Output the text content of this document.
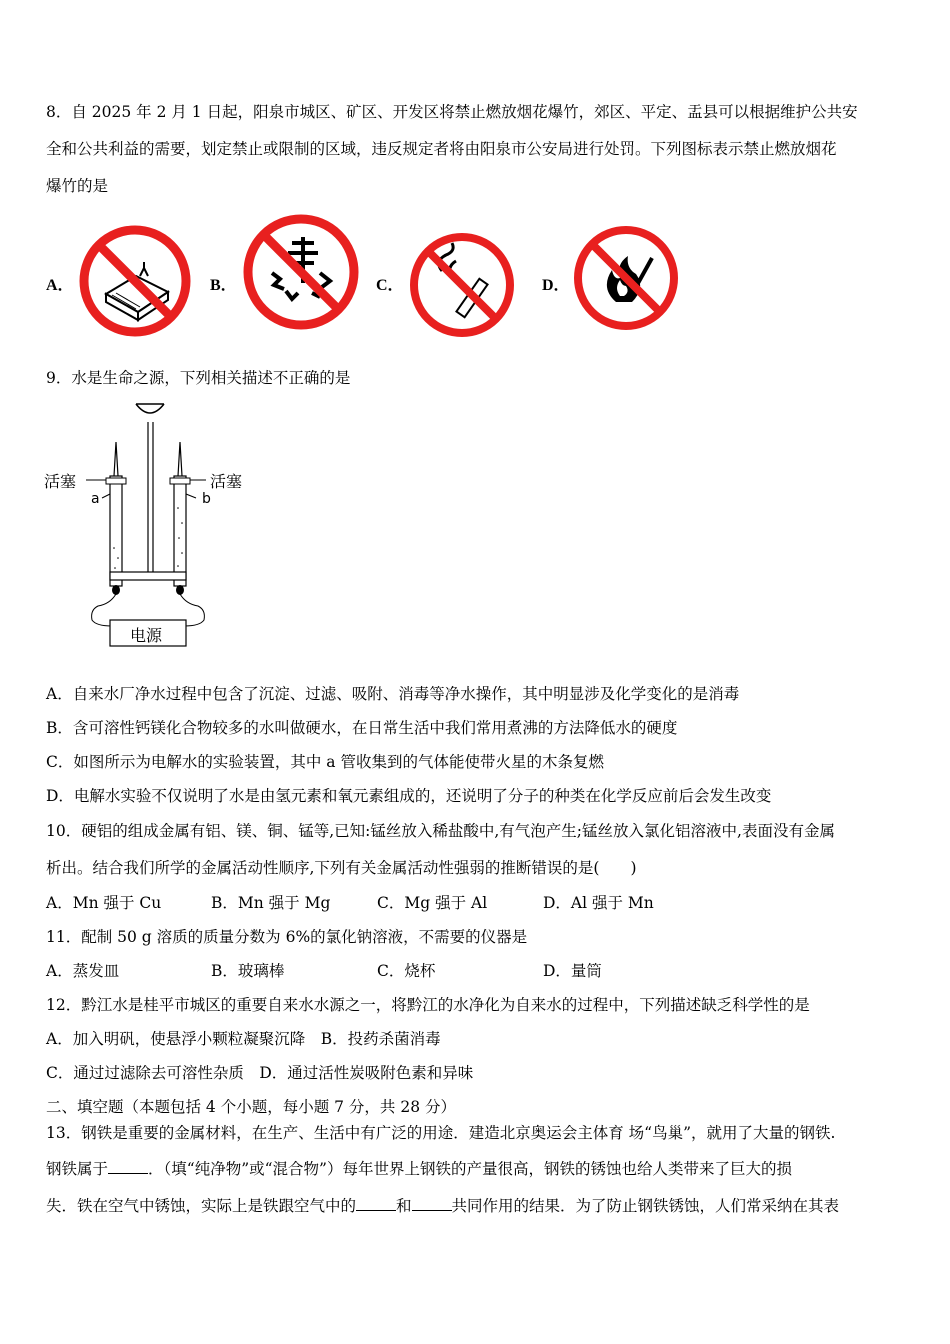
8．自 2025 年 2 月 1 日起，阳泉市城区、矿区、开发区将禁止燃放烟花爆竹，郊区、平定、盂县可以根据维护公共安
全和公共利益的需要，划定禁止或限制的区域，违反规定者将由阳泉市公安局进行处罚。下列图标表示禁止燃放烟花
爆竹的是
A．	B．	C．	D．
9．水是生命之源，下列相关描述不正确的是
活塞	活塞
a	b
电源
A．自来水厂净水过程中包含了沉淀、过滤、吸附、消毒等净水操作，其中明显涉及化学变化的是消毒
B．含可溶性钙镁化合物较多的水叫做硬水，在日常生活中我们常用煮沸的方法降低水的硬度
C．如图所示为电解水的实验装置，其中 a 管收集到的气体能使带火星的木条复燃
D．电解水实验不仅说明了水是由氢元素和氧元素组成的，还说明了分子的种类在化学反应前后会发生改变
10．硬铝的组成金属有铝、镁、铜、锰等,已知:锰丝放入稀盐酸中,有气泡产生;锰丝放入氯化铝溶液中,表面没有金属
析出。结合我们所学的金属活动性顺序,下列有关金属活动性强弱的推断错误的是(　　)
A．Mn 强于 Cu	B．Mn 强于 Mg	C．Mg 强于 Al	D．Al 强于 Mn
11．配制 50 g 溶质的质量分数为 6%的氯化钠溶液，不需要的仪器是
A．蒸发皿	B．玻璃棒	C．烧杯	D．量筒
12．黔江水是桂平市城区的重要自来水水源之一，将黔江的水净化为自来水的过程中，下列描述缺乏科学性的是
A．加入明矾，使悬浮小颗粒凝聚沉降　B．投药杀菌消毒
C．通过过滤除去可溶性杂质　D．通过活性炭吸附色素和异味
二、填空题（本题包括 4 个小题，每小题 7 分，共 28 分）
13．钢铁是重要的金属材料，在生产、生活中有广泛的用途．建造北京奥运会主体育 场“鸟巢”，就用了大量的钢铁.
钢铁属于	．（填“纯净物”或“混合物”）每年世界上钢铁的产量很高，钢铁的锈蚀也给人类带来了巨大的损
失．铁在空气中锈蚀，实际上是铁跟空气中的	和	共同作用的结果．为了防止钢铁锈蚀，人们常采纳在其表
